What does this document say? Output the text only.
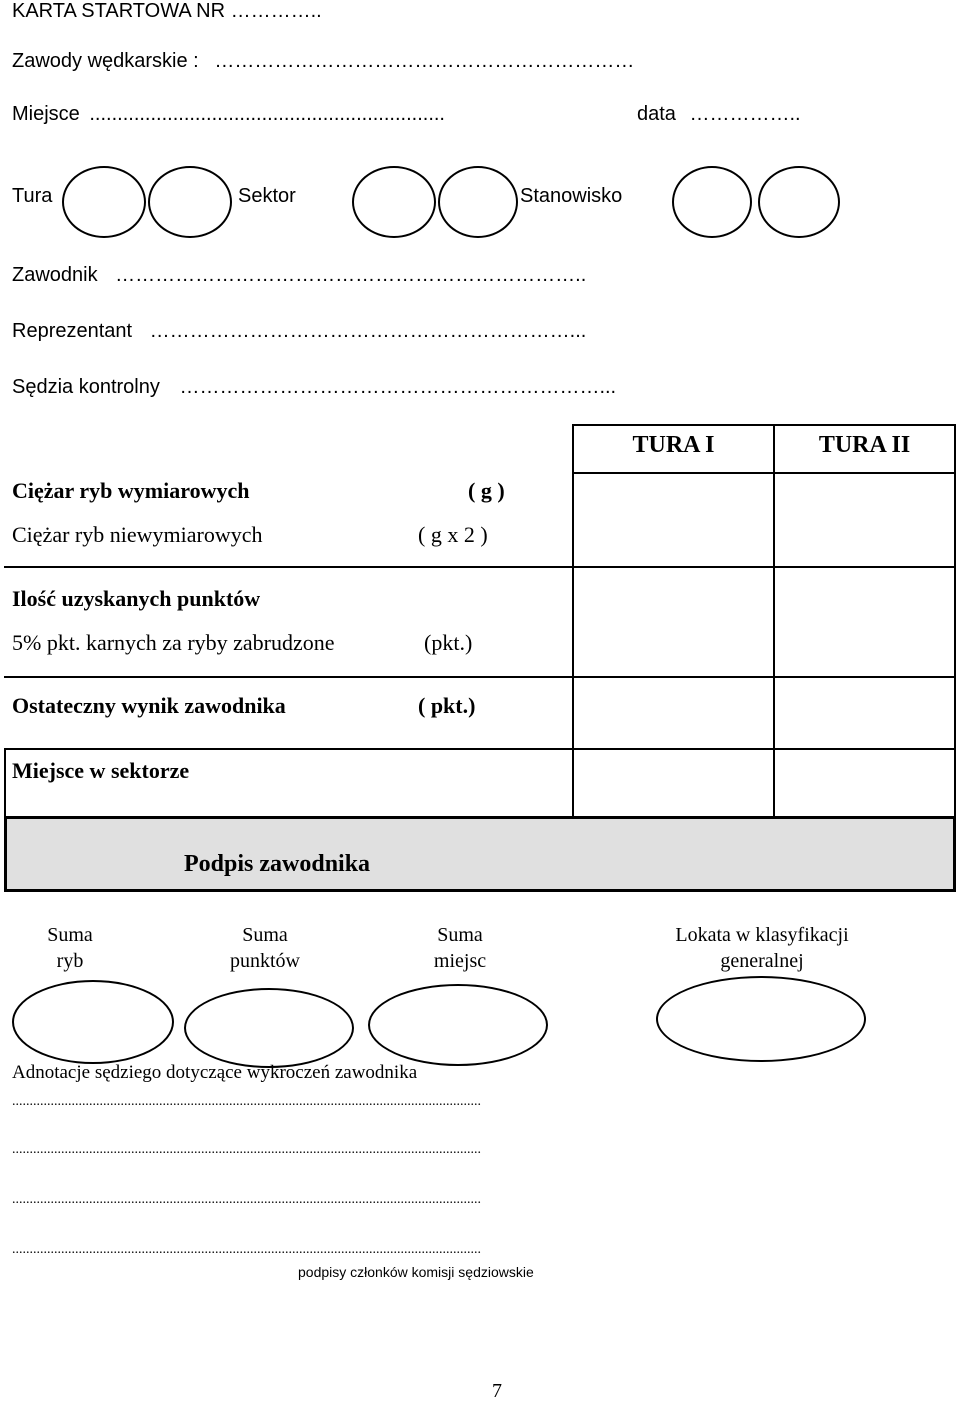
KARTA STARTOWA NR …………..
Zawody wędkarskie : ………………………………………………………
Miejsce ................................................................	data ……………..
Tura	Sektor	Stanowisko
Zawodnik ……………………………………………………………..
Reprezentant ………………………………………………………...
Sędzia kontrolny ………………………………………………………...
TURA I	TURA II
Ciężar ryb wymiarowych	( g )
Ciężar ryb niewymiarowych	( g x 2 )
Ilość uzyskanych punktów
5% pkt. karnych za ryby zabrudzone	(pkt.)
Ostateczny wynik zawodnika	( pkt.)
Miejsce w sektorze
Podpis zawodnika
Suma
ryb
Suma
punktów
Suma
miejsc
Lokata w klasyfikacji
generalnej
Adnotacje sędziego dotyczące wykroczeń zawodnika
......................................................................................................................................
......................................................................................................................................
......................................................................................................................................
......................................................................................................................................
podpisy członków komisji sędziowskie
7
